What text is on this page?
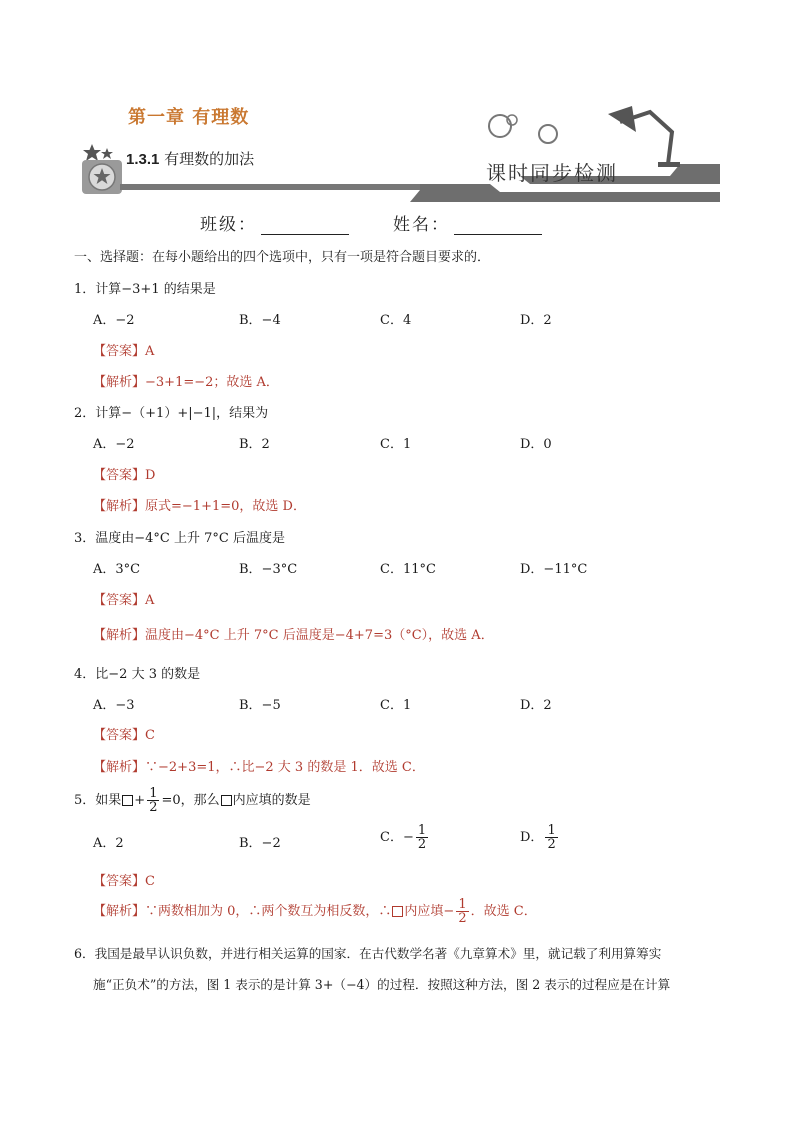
第一章 有理数
1.3.1 有理数的加法
课时同步检测
班级：	姓名：
一、选择题：在每小题给出的四个选项中，只有一项是符合题目要求的．
1．计算−3+1 的结果是
A．−2	B．−4	C．4	D．2
【答案】A
【解析】−3+1=−2；故选 A．
2．计算−（+1）+|−1|，结果为
A．−2	B．2	C．1	D．0
【答案】D
【解析】原式=−1+1=0，故选 D．
3．温度由−4°C 上升 7°C 后温度是
A．3°C	B．−3°C	C．11°C	D．−11°C
【答案】A
【解析】温度由−4°C 上升 7°C 后温度是−4+7=3（°C），故选 A．
4．比−2 大 3 的数是
A．−3	B．−5	C．1	D．2
【答案】C
【解析】∵−2+3=1，∴比−2 大 3 的数是 1．故选 C．
5．如果 + $\frac{1}{2} =0$，那么 内应填的数是
A．2	B．−2	C．− $\frac{1}{2}$	D． $\frac{1}{2}$
【答案】C
【解析】∵两数相加为 0，∴两个数互为相反数，∴ 内应填− $\frac{1}{2}$ ．故选 C．
6．我国是最早认识负数，并进行相关运算的国家．在古代数学名著《九章算术》里，就记载了利用算筹实
施“正负术”的方法，图 1 表示的是计算 3+（−4）的过程．按照这种方法，图 2 表示的过程应是在计算
